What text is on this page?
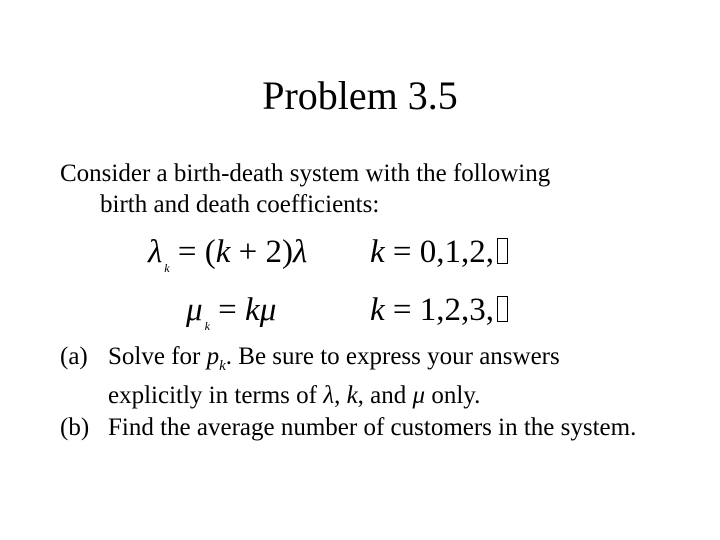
Problem 3.5
Consider a birth-death system with the following
birth and death coefficients:
λ $_k$ = (k + 2)λ k = 0,1,2,
μ $_k$ = kμ	k = 1,2,3,
(a) Solve for $p_k$. Be sure to express your answers explicitly in terms of λ, k, and μ only.
(b) Find the average number of customers in the system.
